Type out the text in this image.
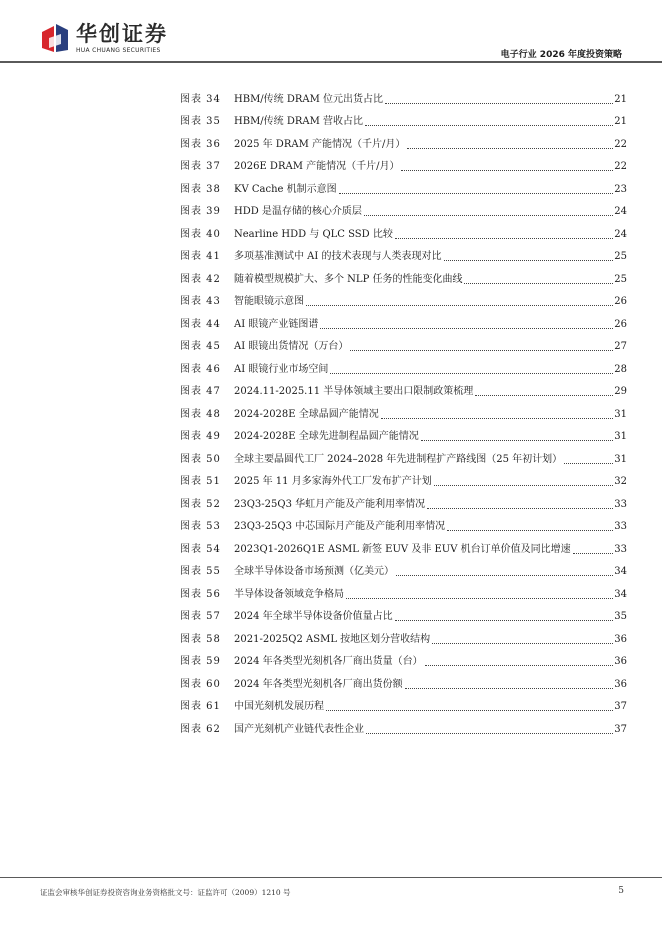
华创证券
HUA CHUANG SECURITIES	电子行业 2026 年度投资策略
图表 34	HBM/传统 DRAM 位元出货占比	21
图表 35	HBM/传统 DRAM 营收占比	21
图表 36	2025 年 DRAM 产能情况（千片/月）	22
图表 37	2026E DRAM 产能情况（千片/月）	22
图表 38	KV Cache 机制示意图	23
图表 39	HDD 是温存储的核心介质层	24
图表 40	Nearline HDD 与 QLC SSD 比较	24
图表 41	多项基准测试中 AI 的技术表现与人类表现对比	25
图表 42	随着模型规模扩大、多个 NLP 任务的性能变化曲线	25
图表 43	智能眼镜示意图	26
图表 44	AI 眼镜产业链图谱	26
图表 45	AI 眼镜出货情况（万台）	27
图表 46	AI 眼镜行业市场空间	28
图表 47	2024.11-2025.11 半导体领域主要出口限制政策梳理	29
图表 48	2024-2028E 全球晶圆产能情况	31
图表 49	2024-2028E 全球先进制程晶圆产能情况	31
图表 50	全球主要晶圆代工厂 2024–2028 年先进制程扩产路线图（25 年初计划）	31
图表 51	2025 年 11 月多家海外代工厂发布扩产计划	32
图表 52	23Q3-25Q3 华虹月产能及产能利用率情况	33
图表 53	23Q3-25Q3 中芯国际月产能及产能利用率情况	33
图表 54	2023Q1-2026Q1E ASML 新签 EUV 及非 EUV 机台订单价值及同比增速	33
图表 55	全球半导体设备市场预测（亿美元）	34
图表 56	半导体设备领域竞争格局	34
图表 57	2024 年全球半导体设备价值量占比	35
图表 58	2021-2025Q2 ASML 按地区划分营收结构	36
图表 59	2024 年各类型光刻机各厂商出货量（台）	36
图表 60	2024 年各类型光刻机各厂商出货份额	36
图表 61	中国光刻机发展历程	37
图表 62	国产光刻机产业链代表性企业	37
证监会审核华创证券投资咨询业务资格批文号：证监许可（2009）1210 号	5
